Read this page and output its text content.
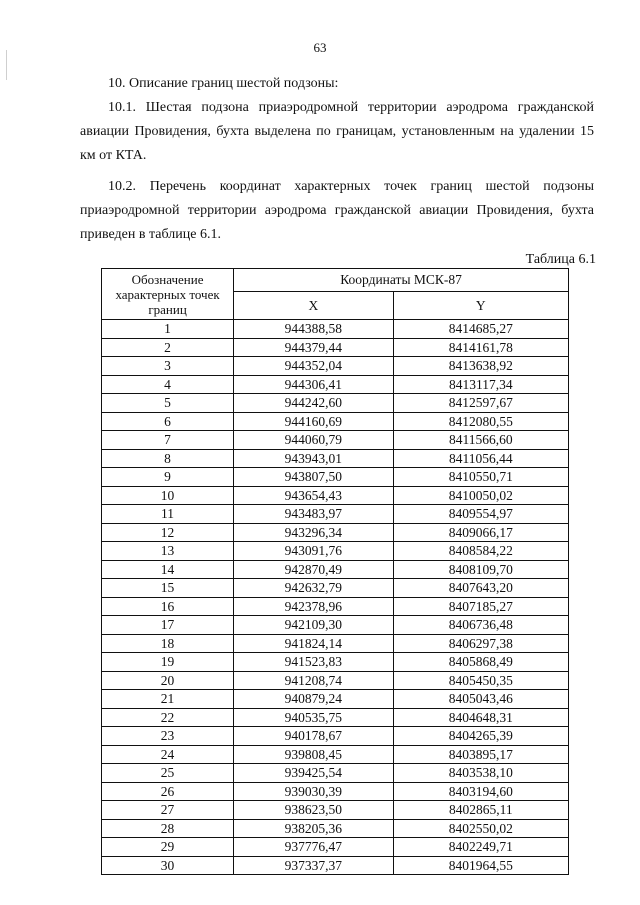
63
10. Описание границ шестой подзоны:
10.1. Шестая подзона приаэродромной территории аэродрома гражданской авиации Провидения, бухта выделена по границам, установленным на удалении 15 км от КТА.
10.2. Перечень координат характерных точек границ шестой подзоны приаэродромной территории аэродрома гражданской авиации Провидения, бухта приведен в таблице 6.1.
Таблица 6.1
Обозначение характерных точек границ	Координаты МСК-87	
	X	Y
1	944388,58	8414685,27
2	944379,44	8414161,78
3	944352,04	8413638,92
4	944306,41	8413117,34
5	944242,60	8412597,67
6	944160,69	8412080,55
7	944060,79	8411566,60
8	943943,01	8411056,44
9	943807,50	8410550,71
10	943654,43	8410050,02
11	943483,97	8409554,97
12	943296,34	8409066,17
13	943091,76	8408584,22
14	942870,49	8408109,70
15	942632,79	8407643,20
16	942378,96	8407185,27
17	942109,30	8406736,48
18	941824,14	8406297,38
19	941523,83	8405868,49
20	941208,74	8405450,35
21	940879,24	8405043,46
22	940535,75	8404648,31
23	940178,67	8404265,39
24	939808,45	8403895,17
25	939425,54	8403538,10
26	939030,39	8403194,60
27	938623,50	8402865,11
28	938205,36	8402550,02
29	937776,47	8402249,71
30	937337,37	8401964,55
